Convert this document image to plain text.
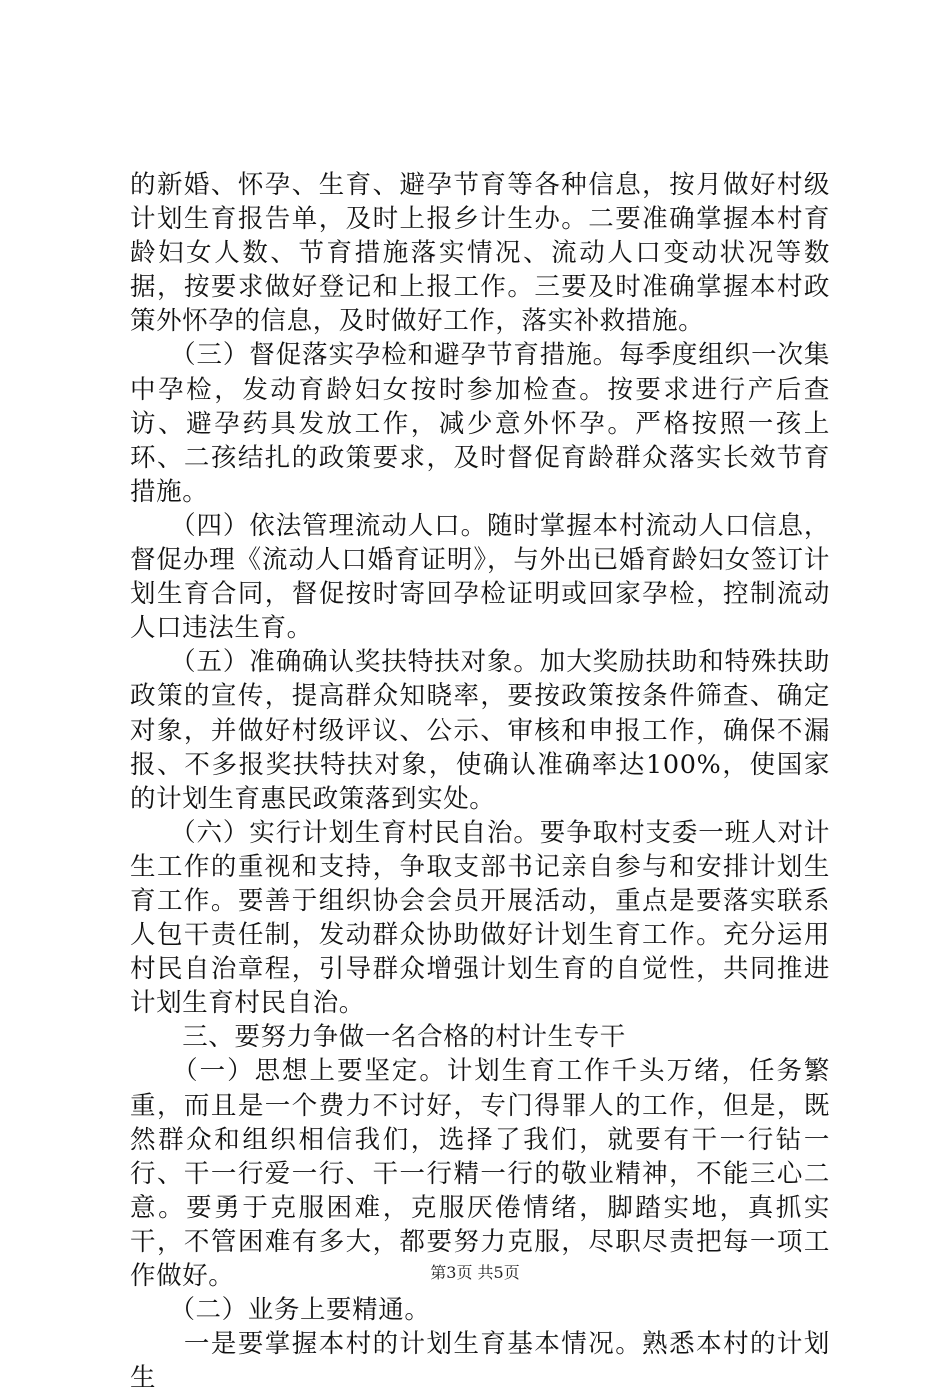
的新婚、怀孕、生育、避孕节育等各种信息，按月做好村级计划生育报告单，及时上报乡计生办。二要准确掌握本村育龄妇女人数、节育措施落实情况、流动人口变动状况等数据，按要求做好登记和上报工作。三要及时准确掌握本村政策外怀孕的信息，及时做好工作，落实补救措施。

　　（三）督促落实孕检和避孕节育措施。每季度组织一次集中孕检，发动育龄妇女按时参加检查。按要求进行产后查访、避孕药具发放工作，减少意外怀孕。严格按照一孩上环、二孩结扎的政策要求，及时督促育龄群众落实长效节育措施。

　　（四）依法管理流动人口。随时掌握本村流动人口信息，督促办理《流动人口婚育证明》，与外出已婚育龄妇女签订计划生育合同，督促按时寄回孕检证明或回家孕检，控制流动人口违法生育。

　　（五）准确确认奖扶特扶对象。加大奖励扶助和特殊扶助政策的宣传，提高群众知晓率，要按政策按条件筛查、确定对象，并做好村级评议、公示、审核和申报工作，确保不漏报、不多报奖扶特扶对象，使确认准确率达100%，使国家的计划生育惠民政策落到实处。

　　（六）实行计划生育村民自治。要争取村支委一班人对计生工作的重视和支持，争取支部书记亲自参与和安排计划生育工作。要善于组织协会会员开展活动，重点是要落实联系人包干责任制，发动群众协助做好计划生育工作。充分运用村民自治章程，引导群众增强计划生育的自觉性，共同推进计划生育村民自治。

　　三、要努力争做一名合格的村计生专干

　　（一）思想上要坚定。计划生育工作千头万绪，任务繁重，而且是一个费力不讨好，专门得罪人的工作，但是，既然群众和组织相信我们，选择了我们，就要有干一行钻一行、干一行爱一行、干一行精一行的敬业精神，不能三心二意。要勇于克服困难，克服厌倦情绪，脚踏实地，真抓实干，不管困难有多大，都要努力克服，尽职尽责把每一项工作做好。

　　（二）业务上要精通。

　　一是要掌握本村的计划生育基本情况。熟悉本村的计划生

第3页 共5页
